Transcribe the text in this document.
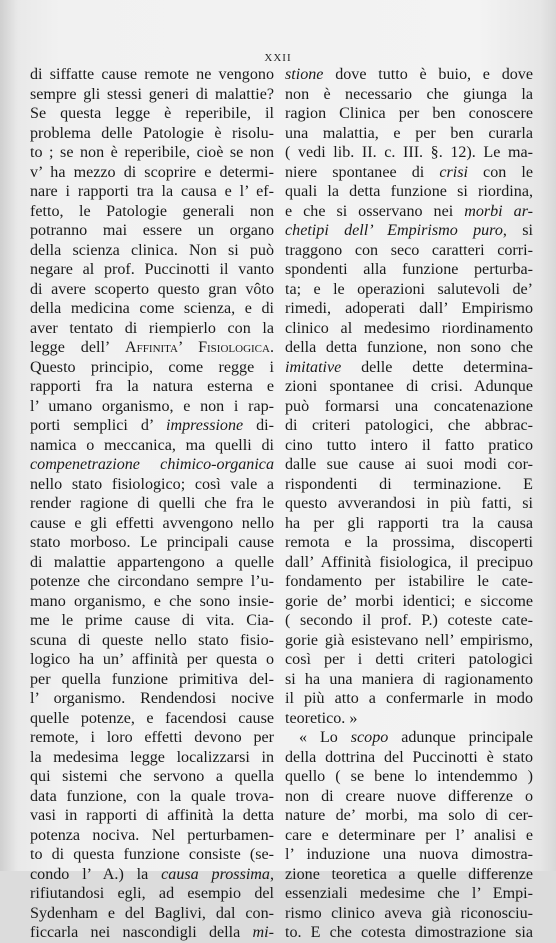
XXII
di siffatte cause remote ne vengono
sempre gli stessi generi di malattie?
Se questa legge è reperibile, il
problema delle Patologie è risolu-
to ; se non è reperibile, cioè se non
v’ ha mezzo di scoprire e determi-
nare i rapporti tra la causa e l’ ef-
fetto, le Patologie generali non
potranno mai essere un organo
della scienza clinica. Non si può
negare al prof. Puccinotti il vanto
di avere scoperto questo gran vôto
della medicina come scienza, e di
aver tentato di riempierlo con la
legge dell’ Affinita’ Fisiologica.
Questo principio, come regge i
rapporti fra la natura esterna e
l’ umano organismo, e non i rap-
porti semplici d’ impressione di-
namica o meccanica, ma quelli di
compenetrazione chimico-organica
nello stato fisiologico; così vale a
render ragione di quelli che fra le
cause e gli effetti avvengono nello
stato morboso. Le principali cause
di malattie appartengono a quelle
potenze che circondano sempre l’u-
mano organismo, e che sono insie-
me le prime cause di vita. Cia-
scuna di queste nello stato fisio-
logico ha un’ affinità per questa o
per quella funzione primitiva del-
l’ organismo. Rendendosi nocive
quelle potenze, e facendosi cause
remote, i loro effetti devono per
la medesima legge localizzarsi in
qui sistemi che servono a quella
data funzione, con la quale trova-
vasi in rapporti di affinità la detta
potenza nociva. Nel perturbamen-
to di questa funzione consiste (se-
condo l’ A.) la causa prossima,
rifiutandosi egli, ad esempio del
Sydenham e del Baglivi, dal con-
ficcarla nei nascondigli della mi-
stione dove tutto è buio, e dove
non è necessario che giunga la
ragion Clinica per ben conoscere
una malattia, e per ben curarla
( vedi lib. II. c. III. §. 12). Le ma-
niere spontanee di crisi con le
quali la detta funzione si riordina,
e che si osservano nei morbi ar-
chetipi dell’ Empirismo puro, si
traggono con seco caratteri corri-
spondenti alla funzione perturba-
ta; e le operazioni salutevoli de’
rimedi, adoperati dall’ Empirismo
clinico al medesimo riordinamento
della detta funzione, non sono che
imitative delle dette determina-
zioni spontanee di crisi. Adunque
può formarsi una concatenazione
di criteri patologici, che abbrac-
cino tutto intero il fatto pratico
dalle sue cause ai suoi modi cor-
rispondenti di terminazione. E
questo avverandosi in più fatti, si
ha per gli rapporti tra la causa
remota e la prossima, discoperti
dall’ Affinità fisiologica, il precipuo
fondamento per istabilire le cate-
gorie de’ morbi identici; e siccome
( secondo il prof. P.) coteste cate-
gorie già esistevano nell’ empirismo,
così per i detti criteri patologici
si ha una maniera di ragionamento
il più atto a confermarle in modo
teoretico. »
« Lo scopo adunque principale
della dottrina del Puccinotti è stato
quello ( se bene lo intendemmo )
non di creare nuove differenze o
nature de’ morbi, ma solo di cer-
care e determinare per l’ analisi e
l’ induzione una nuova dimostra-
zione teoretica a quelle differenze
essenziali medesime che l’ Empi-
rismo clinico aveva già riconosciu-
to. E che cotesta dimostrazione sia
